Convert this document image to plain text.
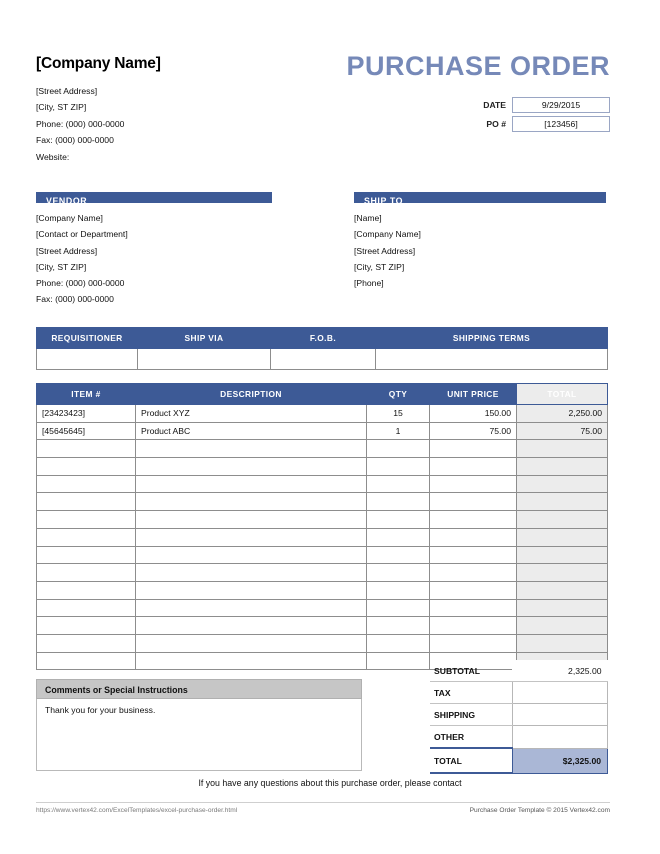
[Company Name]
[Street Address]
[City, ST ZIP]
Phone: (000) 000-0000
Fax: (000) 000-0000
Website:
PURCHASE ORDER
DATE	9/29/2015
PO #	[123456]
VENDOR
[Company Name]
[Contact or Department]
[Street Address]
[City, ST ZIP]
Phone: (000) 000-0000
Fax: (000) 000-0000
SHIP TO
[Name]
[Company Name]
[Street Address]
[City, ST ZIP]
[Phone]
REQUISITIONER	SHIP VIA	F.O.B.	SHIPPING TERMS

ITEM #	DESCRIPTION	QTY	UNIT PRICE	TOTAL
[23423423]	Product XYZ	15	150.00	2,250.00
[45645645]	Product ABC	1	75.00	75.00

Comments or Special Instructions
Thank you for your business.
SUBTOTAL	2,325.00
TAX	
SHIPPING	
OTHER	
TOTAL	$2,325.00
If you have any questions about this purchase order, please contact
https://www.vertex42.com/ExcelTemplates/excel-purchase-order.html	Purchase Order Template © 2015 Vertex42.com
